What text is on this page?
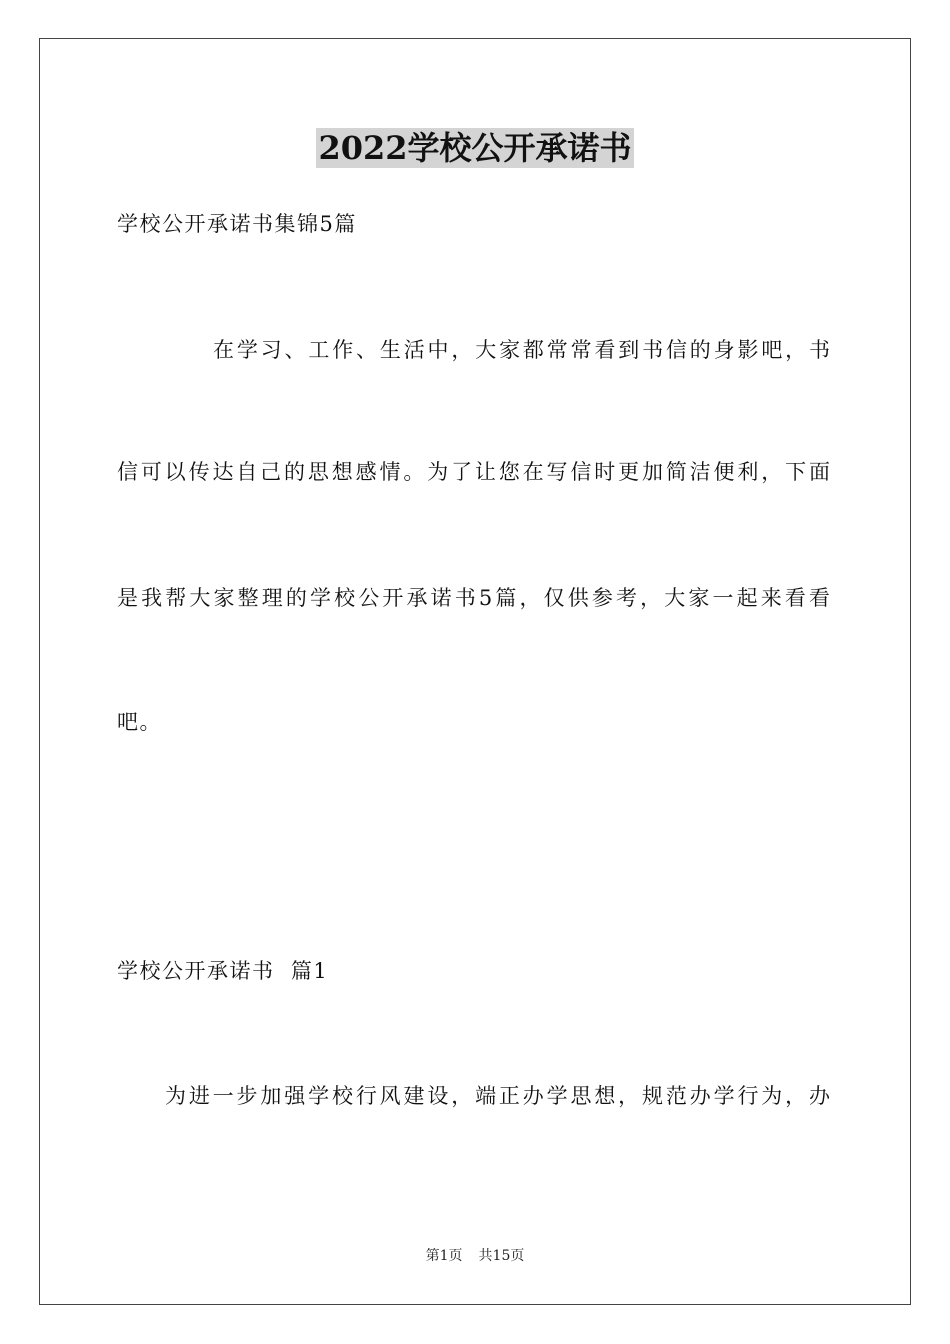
2022学校公开承诺书
学校公开承诺书集锦5篇
在学习、工作、生活中，大家都常常看到书信的身影吧，书
信可以传达自己的思想感情。为了让您在写信时更加简洁便利，下面
是我帮大家整理的学校公开承诺书5篇，仅供参考，大家一起来看看
吧。
学校公开承诺书  篇1
为进一步加强学校行风建设，端正办学思想，规范办学行为，办
第1页 共15页
